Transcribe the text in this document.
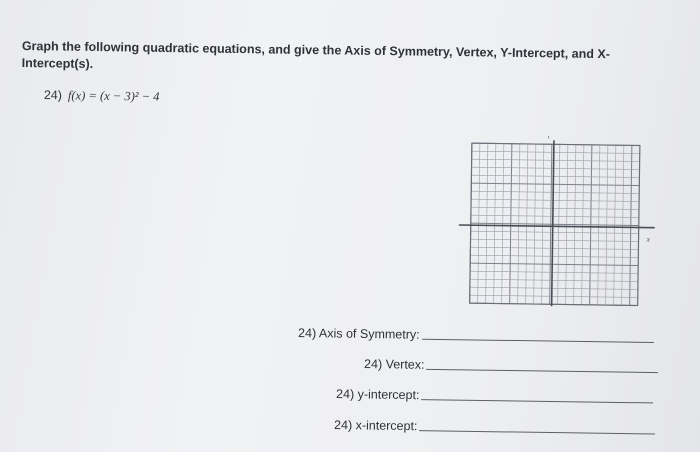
Graph the following quadratic equations, and give the Axis of Symmetry, Vertex, Y-Intercept, and X-Intercept(s).
24) f(x) = (x − 3)² − 4
Y
x
24) Axis of Symmetry:
24) Vertex:
24) y-intercept:
24) x-intercept:
